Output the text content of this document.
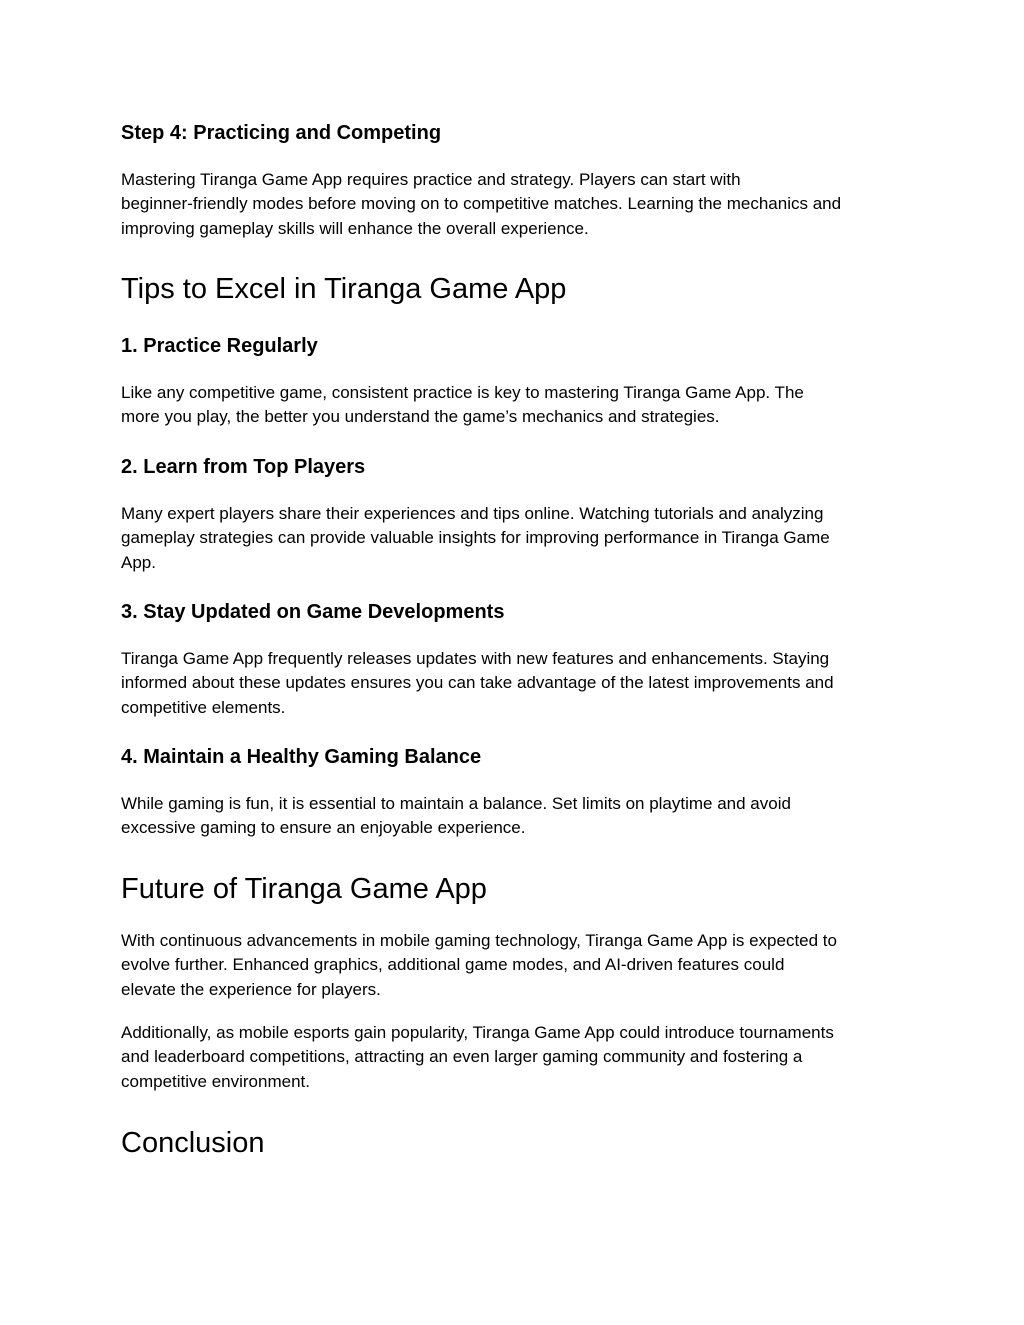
Step 4: Practicing and Competing
Mastering Tiranga Game App requires practice and strategy. Players can start with
beginner-friendly modes before moving on to competitive matches. Learning the mechanics and
improving gameplay skills will enhance the overall experience.
Tips to Excel in Tiranga Game App
1. Practice Regularly
Like any competitive game, consistent practice is key to mastering Tiranga Game App. The
more you play, the better you understand the game’s mechanics and strategies.
2. Learn from Top Players
Many expert players share their experiences and tips online. Watching tutorials and analyzing
gameplay strategies can provide valuable insights for improving performance in Tiranga Game
App.
3. Stay Updated on Game Developments
Tiranga Game App frequently releases updates with new features and enhancements. Staying
informed about these updates ensures you can take advantage of the latest improvements and
competitive elements.
4. Maintain a Healthy Gaming Balance
While gaming is fun, it is essential to maintain a balance. Set limits on playtime and avoid
excessive gaming to ensure an enjoyable experience.
Future of Tiranga Game App
With continuous advancements in mobile gaming technology, Tiranga Game App is expected to
evolve further. Enhanced graphics, additional game modes, and AI-driven features could
elevate the experience for players.
Additionally, as mobile esports gain popularity, Tiranga Game App could introduce tournaments
and leaderboard competitions, attracting an even larger gaming community and fostering a
competitive environment.
Conclusion
